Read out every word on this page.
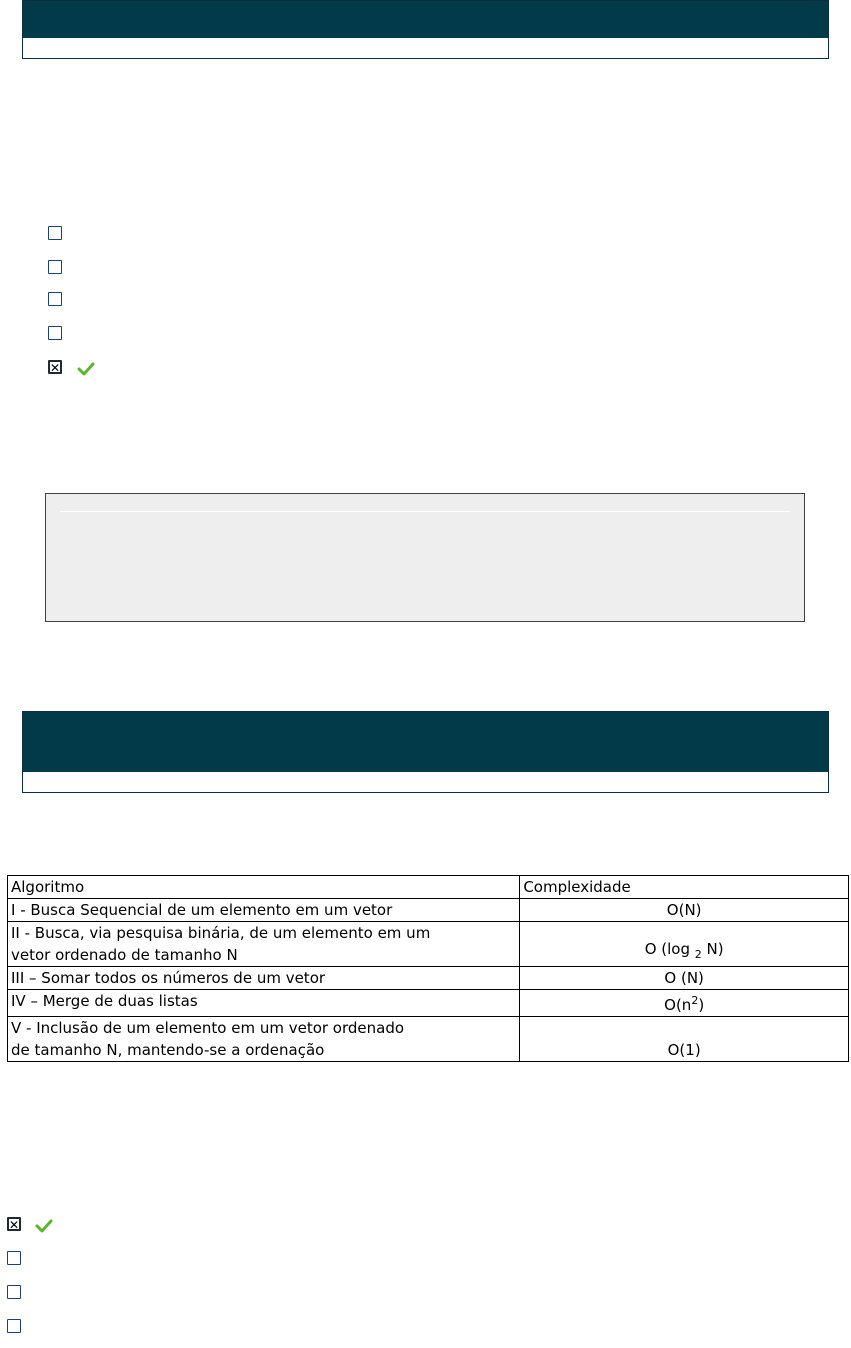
✕
Algoritmo	Complexidade
I - Busca Sequencial de um elemento em um vetor	O(N)
II - Busca, via pesquisa binária, de um elemento em um
vetor ordenado de tamanho N	O (log $_2$ N)
III – Somar todos os números de um vetor	O (N)
IV – Merge de duas listas	$O(n^2)$
V - Inclusão de um elemento em um vetor ordenado
de tamanho N, mantendo-se a ordenação	O(1)
✕
